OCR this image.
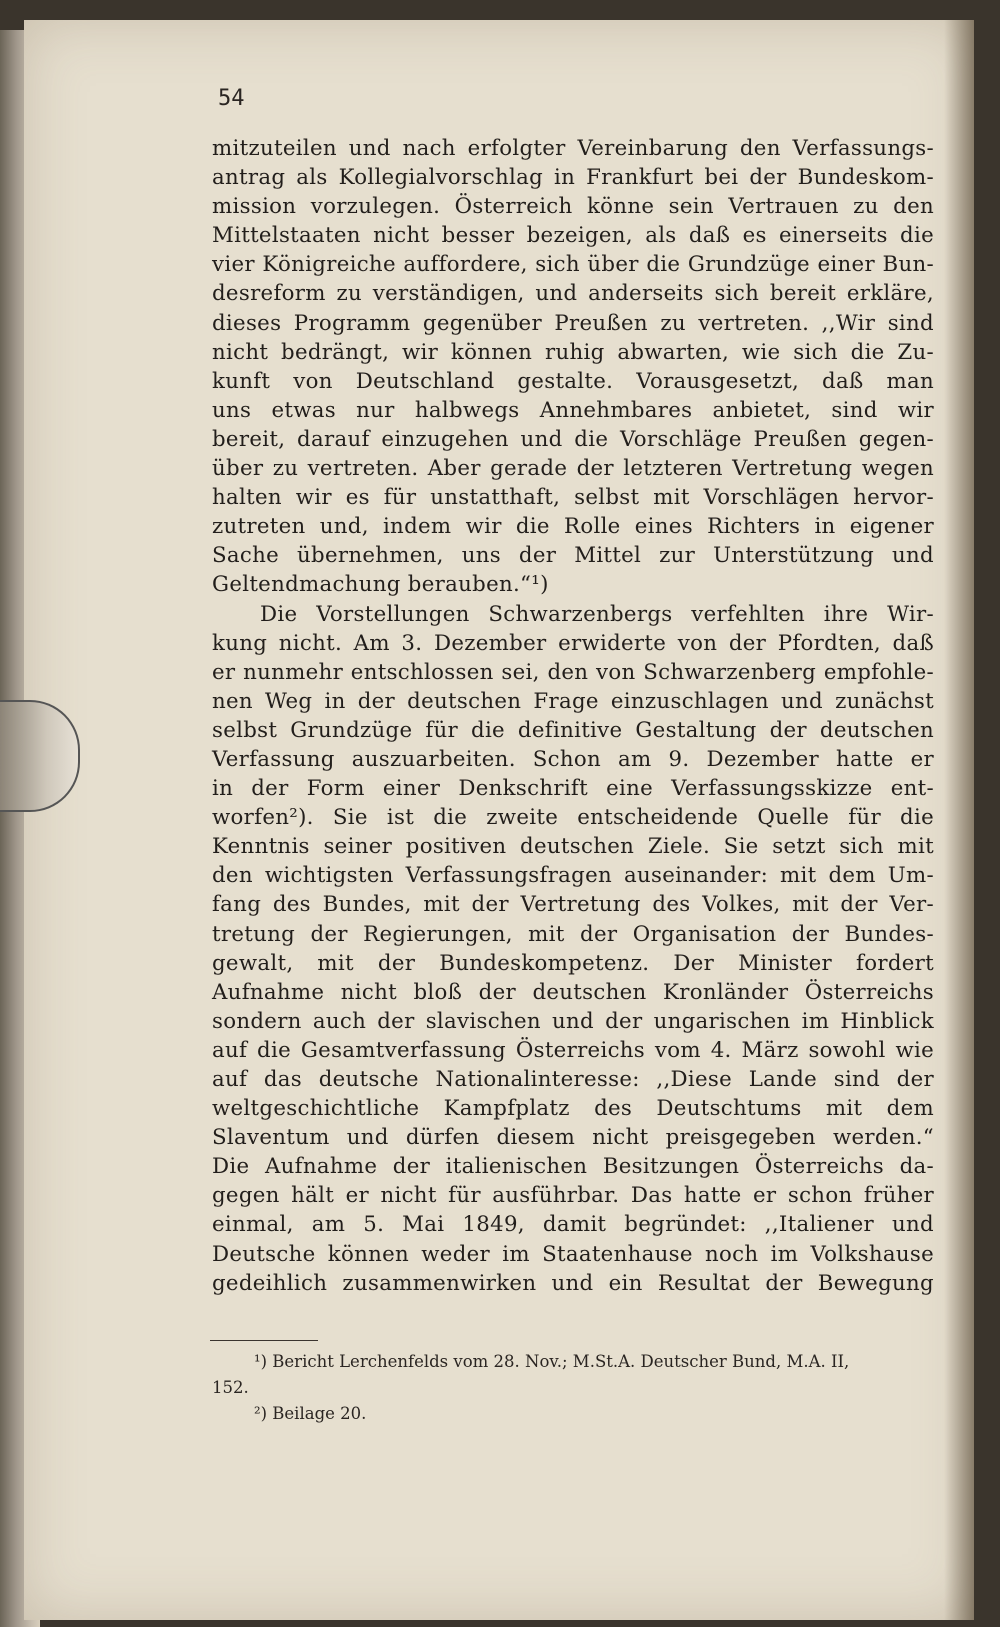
54
mitzuteilen und nach erfolgter Vereinbarung den Verfassungs-
antrag als Kollegialvorschlag in Frankfurt bei der Bundeskom-
mission vorzulegen. Österreich könne sein Vertrauen zu den
Mittelstaaten nicht besser bezeigen, als daß es einerseits die
vier Königreiche auffordere, sich über die Grundzüge einer Bun-
desreform zu verständigen, und anderseits sich bereit erkläre,
dieses Programm gegenüber Preußen zu vertreten. ,,Wir sind
nicht bedrängt, wir können ruhig abwarten, wie sich die Zu-
kunft von Deutschland gestalte. Vorausgesetzt, daß man
uns etwas nur halbwegs Annehmbares anbietet, sind wir
bereit, darauf einzugehen und die Vorschläge Preußen gegen-
über zu vertreten. Aber gerade der letzteren Vertretung wegen
halten wir es für unstatthaft, selbst mit Vorschlägen hervor-
zutreten und, indem wir die Rolle eines Richters in eigener
Sache übernehmen, uns der Mittel zur Unterstützung und
Geltendmachung berauben.“¹)
Die Vorstellungen Schwarzenbergs verfehlten ihre Wir-
kung nicht. Am 3. Dezember erwiderte von der Pfordten, daß
er nunmehr entschlossen sei, den von Schwarzenberg empfohle-
nen Weg in der deutschen Frage einzuschlagen und zunächst
selbst Grundzüge für die definitive Gestaltung der deutschen
Verfassung auszuarbeiten. Schon am 9. Dezember hatte er
in der Form einer Denkschrift eine Verfassungsskizze ent-
worfen²). Sie ist die zweite entscheidende Quelle für die
Kenntnis seiner positiven deutschen Ziele. Sie setzt sich mit
den wichtigsten Verfassungsfragen auseinander: mit dem Um-
fang des Bundes, mit der Vertretung des Volkes, mit der Ver-
tretung der Regierungen, mit der Organisation der Bundes-
gewalt, mit der Bundeskompetenz. Der Minister fordert
Aufnahme nicht bloß der deutschen Kronländer Österreichs
sondern auch der slavischen und der ungarischen im Hinblick
auf die Gesamtverfassung Österreichs vom 4. März sowohl wie
auf das deutsche Nationalinteresse: ,,Diese Lande sind der
weltgeschichtliche Kampfplatz des Deutschtums mit dem
Slaventum und dürfen diesem nicht preisgegeben werden.“
Die Aufnahme der italienischen Besitzungen Österreichs da-
gegen hält er nicht für ausführbar. Das hatte er schon früher
einmal, am 5. Mai 1849, damit begründet: ,,Italiener und
Deutsche können weder im Staatenhause noch im Volkshause
gedeihlich zusammenwirken und ein Resultat der Bewegung
¹) Bericht Lerchenfelds vom 28. Nov.; M.St.A. Deutscher Bund, M.A. II,
152.
²) Beilage 20.
